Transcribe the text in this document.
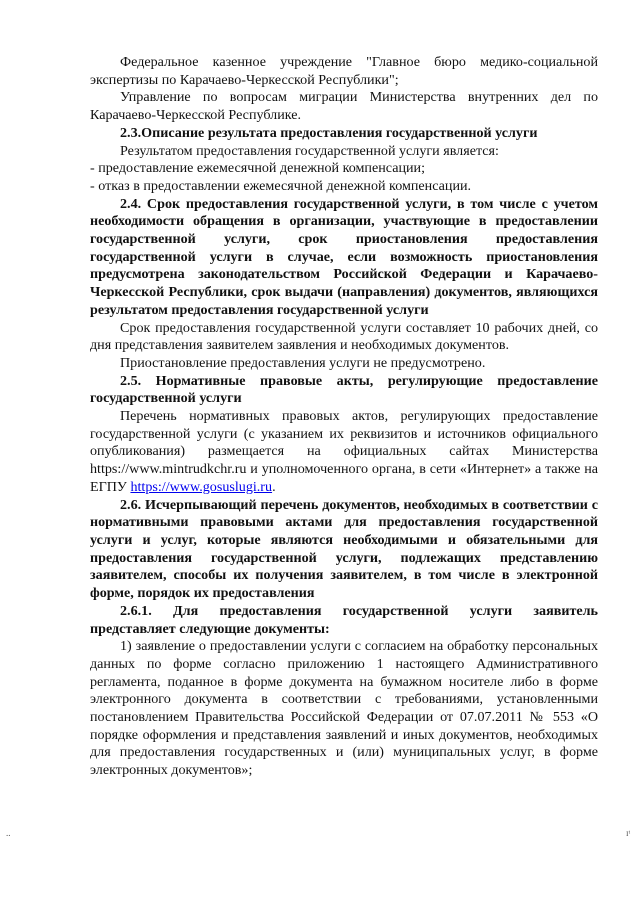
Федеральное казенное учреждение "Главное бюро медико-социальной экспертизы по Карачаево-Черкесской Республики";

Управление по вопросам миграции Министерства внутренних дел по Карачаево-Черкесской Республике.

2.3.Описание результата предоставления государственной услуги

Результатом предоставления государственной услуги является:

- предоставление ежемесячной денежной компенсации;

- отказ в предоставлении ежемесячной денежной компенсации.

2.4. Срок предоставления государственной услуги, в том числе с учетом необходимости обращения в организации, участвующие в предоставлении государственной услуги, срок приостановления предоставления государственной услуги в случае, если возможность приостановления предусмотрена законодательством Российской Федерации и Карачаево-Черкесской Республики, срок выдачи (направления) документов, являющихся результатом предоставления государственной услуги

Срок предоставления государственной услуги составляет 10 рабочих дней, со дня представления заявителем заявления и необходимых документов.

Приостановление предоставления услуги не предусмотрено.

2.5. Нормативные правовые акты, регулирующие предоставление государственной услуги

Перечень нормативных правовых актов, регулирующих предоставление государственной услуги (с указанием их реквизитов и источников официального опубликования) размещается на официальных сайтах Министерства https://www.mintrudkchr.ru и уполномоченного органа, в сети «Интернет» а также на ЕГПУ https://www.gosuslugi.ru.

2.6. Исчерпывающий перечень документов, необходимых в соответствии с нормативными правовыми актами для предоставления государственной услуги и услуг, которые являются необходимыми и обязательными для предоставления государственной услуги, подлежащих представлению заявителем, способы их получения заявителем, в том числе в электронной форме, порядок их предоставления

2.6.1. Для предоставления государственной услуги заявитель представляет следующие документы:

1) заявление о предоставлении услуги с согласием на обработку персональных данных по форме согласно приложению 1 настоящего Административного регламента, поданное в форме документа на бумажном носителе либо в форме электронного документа в соответствии с требованиями, установленными постановлением Правительства Российской Федерации от 07.07.2011 № 553 «О порядке оформления и представления заявлений и иных документов, необходимых для предоставления государственных и (или) муниципальных услуг, в форме электронных документов»;

..	ɪᵗ
